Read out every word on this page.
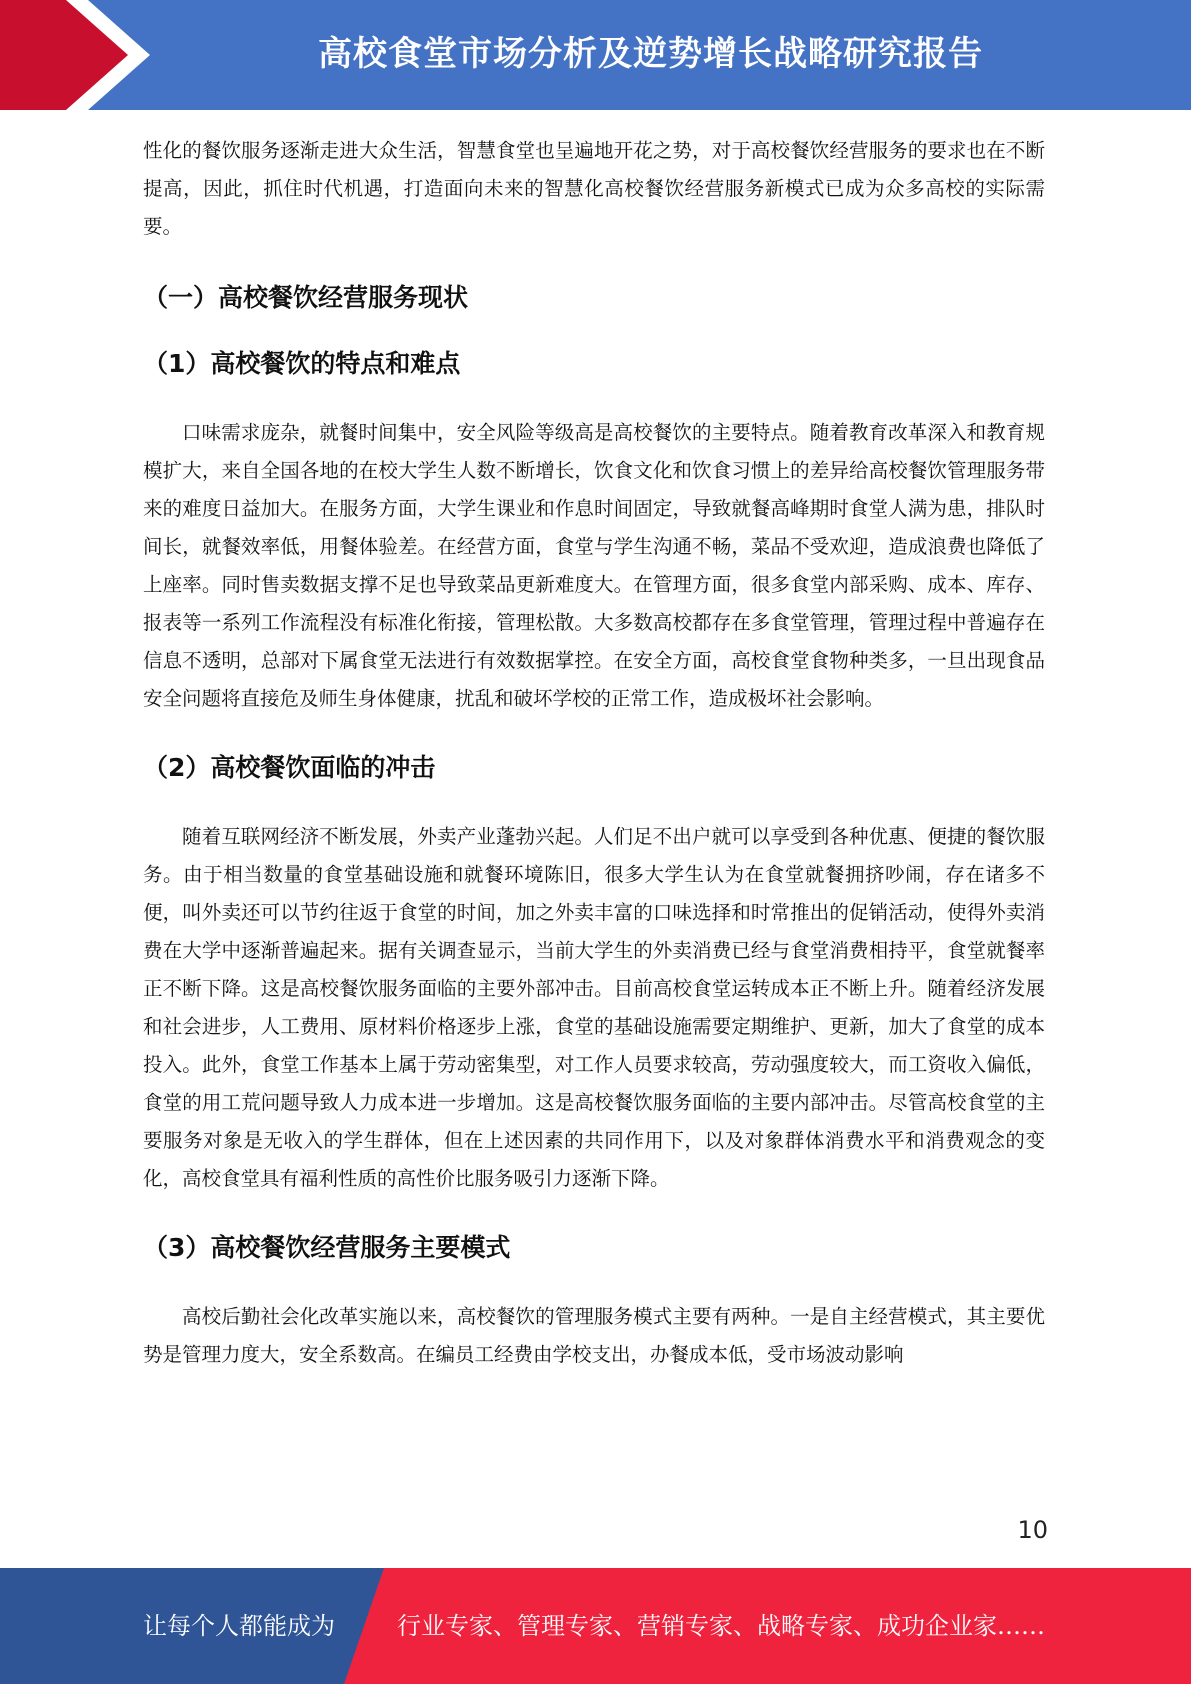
高校食堂市场分析及逆势增长战略研究报告

性化的餐饮服务逐渐走进大众生活，智慧食堂也呈遍地开花之势，对于高校餐饮经营服务的要求也在不断提高，因此，抓住时代机遇，打造面向未来的智慧化高校餐饮经营服务新模式已成为众多高校的实际需要。

（一）高校餐饮经营服务现状
（1）高校餐饮的特点和难点

口味需求庞杂，就餐时间集中，安全风险等级高是高校餐饮的主要特点。随着教育改革深入和教育规模扩大，来自全国各地的在校大学生人数不断增长，饮食文化和饮食习惯上的差异给高校餐饮管理服务带来的难度日益加大。在服务方面，大学生课业和作息时间固定，导致就餐高峰期时食堂人满为患，排队时间长，就餐效率低，用餐体验差。在经营方面，食堂与学生沟通不畅，菜品不受欢迎，造成浪费也降低了上座率。同时售卖数据支撑不足也导致菜品更新难度大。在管理方面，很多食堂内部采购、成本、库存、报表等一系列工作流程没有标准化衔接，管理松散。大多数高校都存在多食堂管理，管理过程中普遍存在信息不透明，总部对下属食堂无法进行有效数据掌控。在安全方面，高校食堂食物种类多，一旦出现食品安全问题将直接危及师生身体健康，扰乱和破坏学校的正常工作，造成极坏社会影响。

（2）高校餐饮面临的冲击

随着互联网经济不断发展，外卖产业蓬勃兴起。人们足不出户就可以享受到各种优惠、便捷的餐饮服务。由于相当数量的食堂基础设施和就餐环境陈旧，很多大学生认为在食堂就餐拥挤吵闹，存在诸多不便，叫外卖还可以节约往返于食堂的时间，加之外卖丰富的口味选择和时常推出的促销活动，使得外卖消费在大学中逐渐普遍起来。据有关调查显示，当前大学生的外卖消费已经与食堂消费相持平，食堂就餐率正不断下降。这是高校餐饮服务面临的主要外部冲击。目前高校食堂运转成本正不断上升。随着经济发展和社会进步，人工费用、原材料价格逐步上涨，食堂的基础设施需要定期维护、更新，加大了食堂的成本投入。此外，食堂工作基本上属于劳动密集型，对工作人员要求较高，劳动强度较大，而工资收入偏低，食堂的用工荒问题导致人力成本进一步增加。这是高校餐饮服务面临的主要内部冲击。尽管高校食堂的主要服务对象是无收入的学生群体，但在上述因素的共同作用下，以及对象群体消费水平和消费观念的变化，高校食堂具有福利性质的高性价比服务吸引力逐渐下降。

（3）高校餐饮经营服务主要模式

高校后勤社会化改革实施以来，高校餐饮的管理服务模式主要有两种。一是自主经营模式，其主要优势是管理力度大，安全系数高。在编员工经费由学校支出，办餐成本低，受市场波动影响

10
让每个人都能成为	行业专家、管理专家、营销专家、战略专家、成功企业家……
